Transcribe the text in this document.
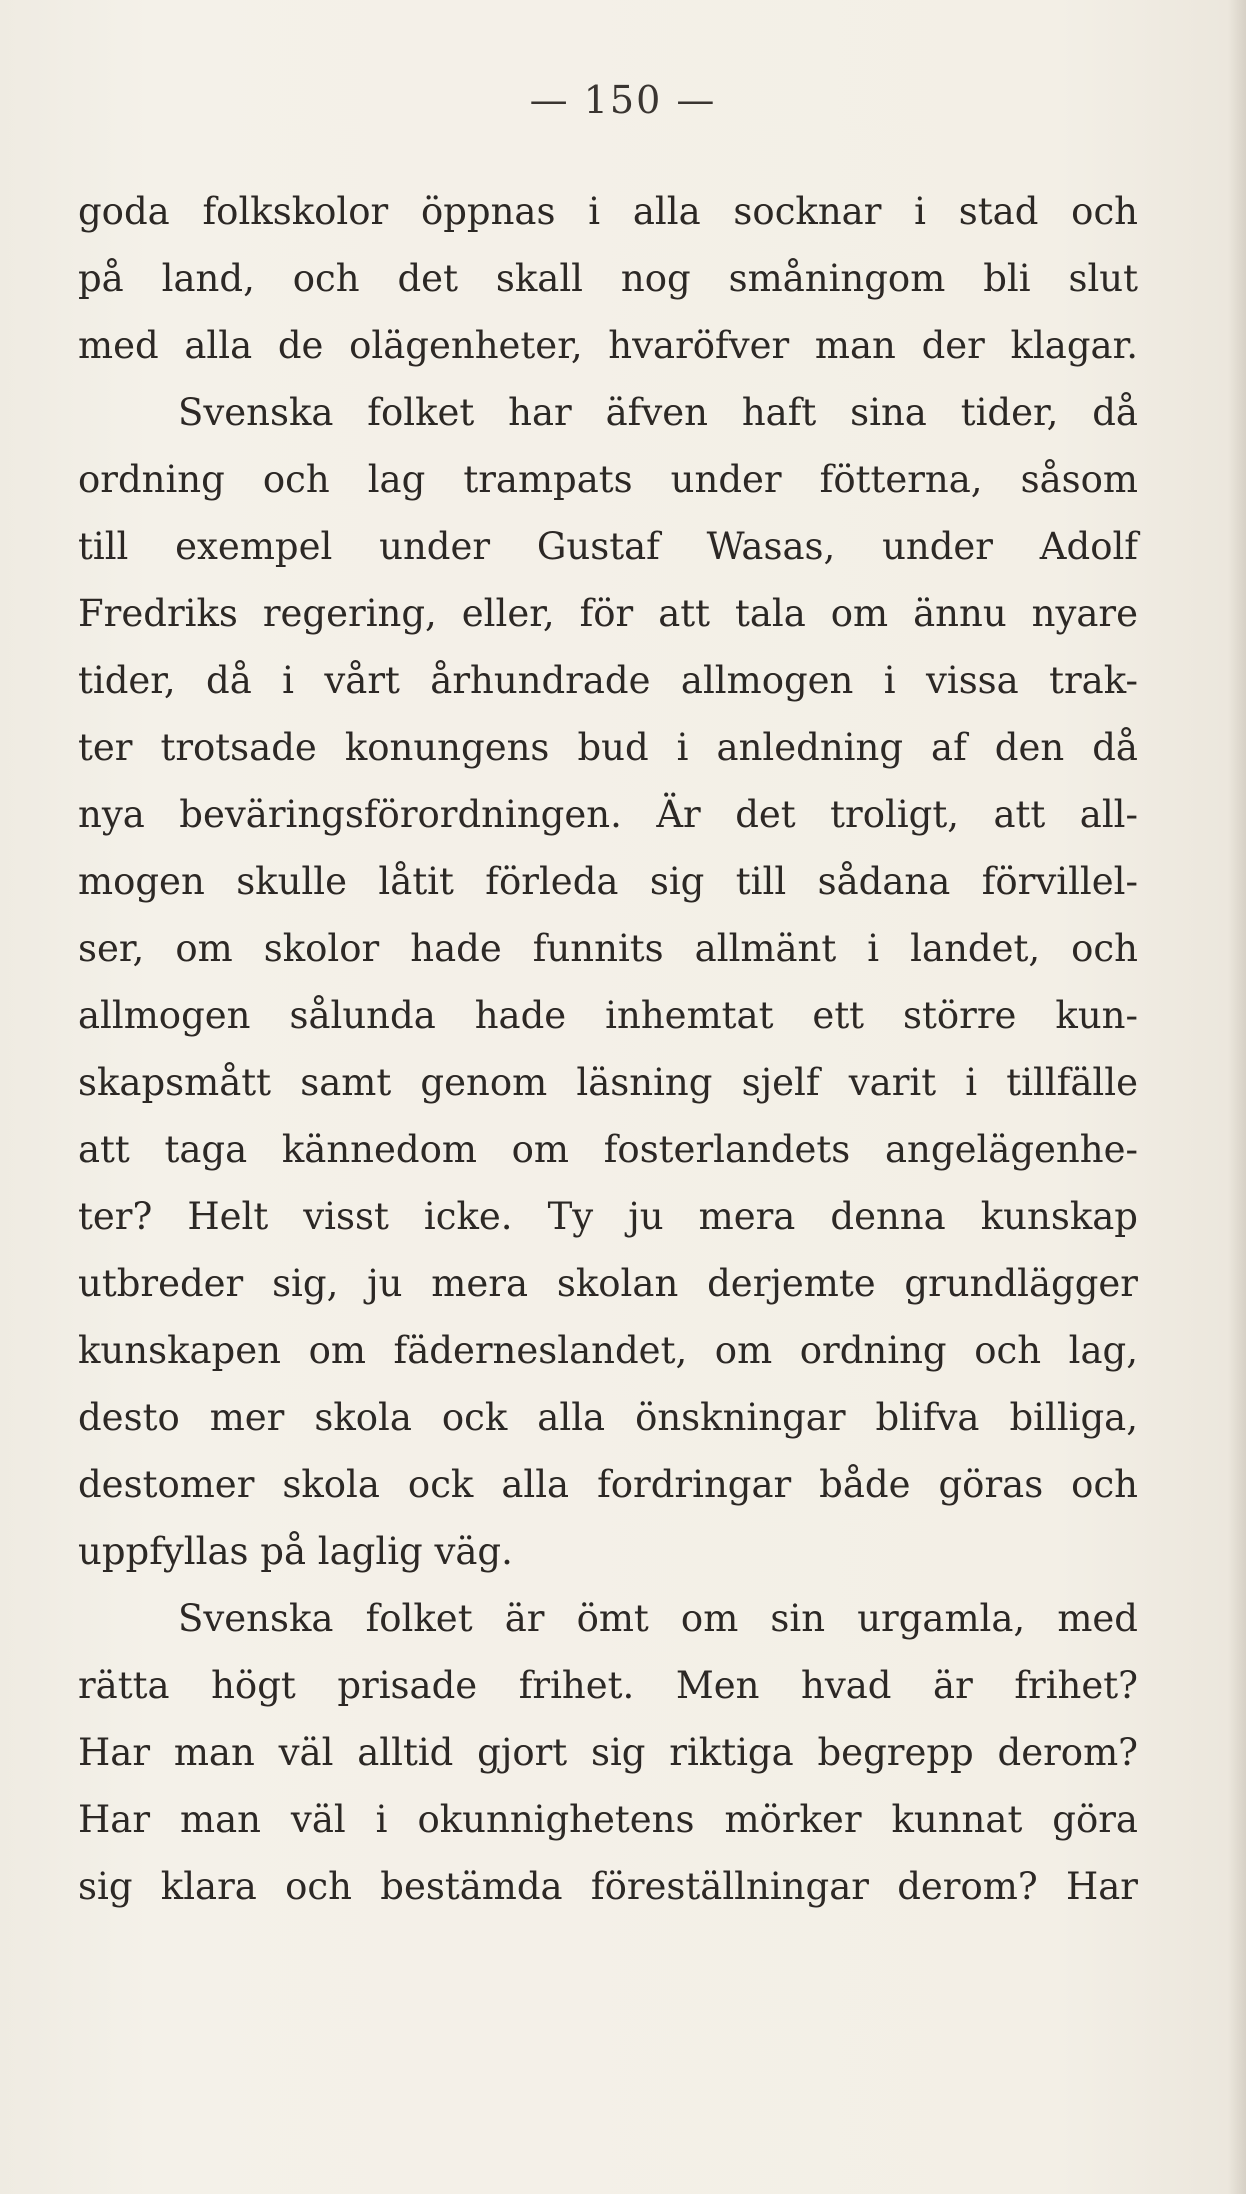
— 150 —
goda folkskolor öppnas i alla socknar i stad och
på land, och det skall nog småningom bli slut
med alla de olägenheter, hvaröfver man der klagar.
Svenska folket har äfven haft sina tider, då
ordning och lag trampats under fötterna, såsom
till exempel under Gustaf Wasas, under Adolf
Fredriks regering, eller, för att tala om ännu nyare
tider, då i vårt århundrade allmogen i vissa trak-
ter trotsade konungens bud i anledning af den då
nya beväringsförordningen. Är det troligt, att all-
mogen skulle låtit förleda sig till sådana förvillel-
ser, om skolor hade funnits allmänt i landet, och
allmogen sålunda hade inhemtat ett större kun-
skapsmått samt genom läsning sjelf varit i tillfälle
att taga kännedom om fosterlandets angelägenhe-
ter? Helt visst icke. Ty ju mera denna kunskap
utbreder sig, ju mera skolan derjemte grundlägger
kunskapen om fäderneslandet, om ordning och lag,
desto mer skola ock alla önskningar blifva billiga,
destomer skola ock alla fordringar både göras och
uppfyllas på laglig väg.
Svenska folket är ömt om sin urgamla, med
rätta högt prisade frihet. Men hvad är frihet?
Har man väl alltid gjort sig riktiga begrepp derom?
Har man väl i okunnighetens mörker kunnat göra
sig klara och bestämda föreställningar derom? Har
